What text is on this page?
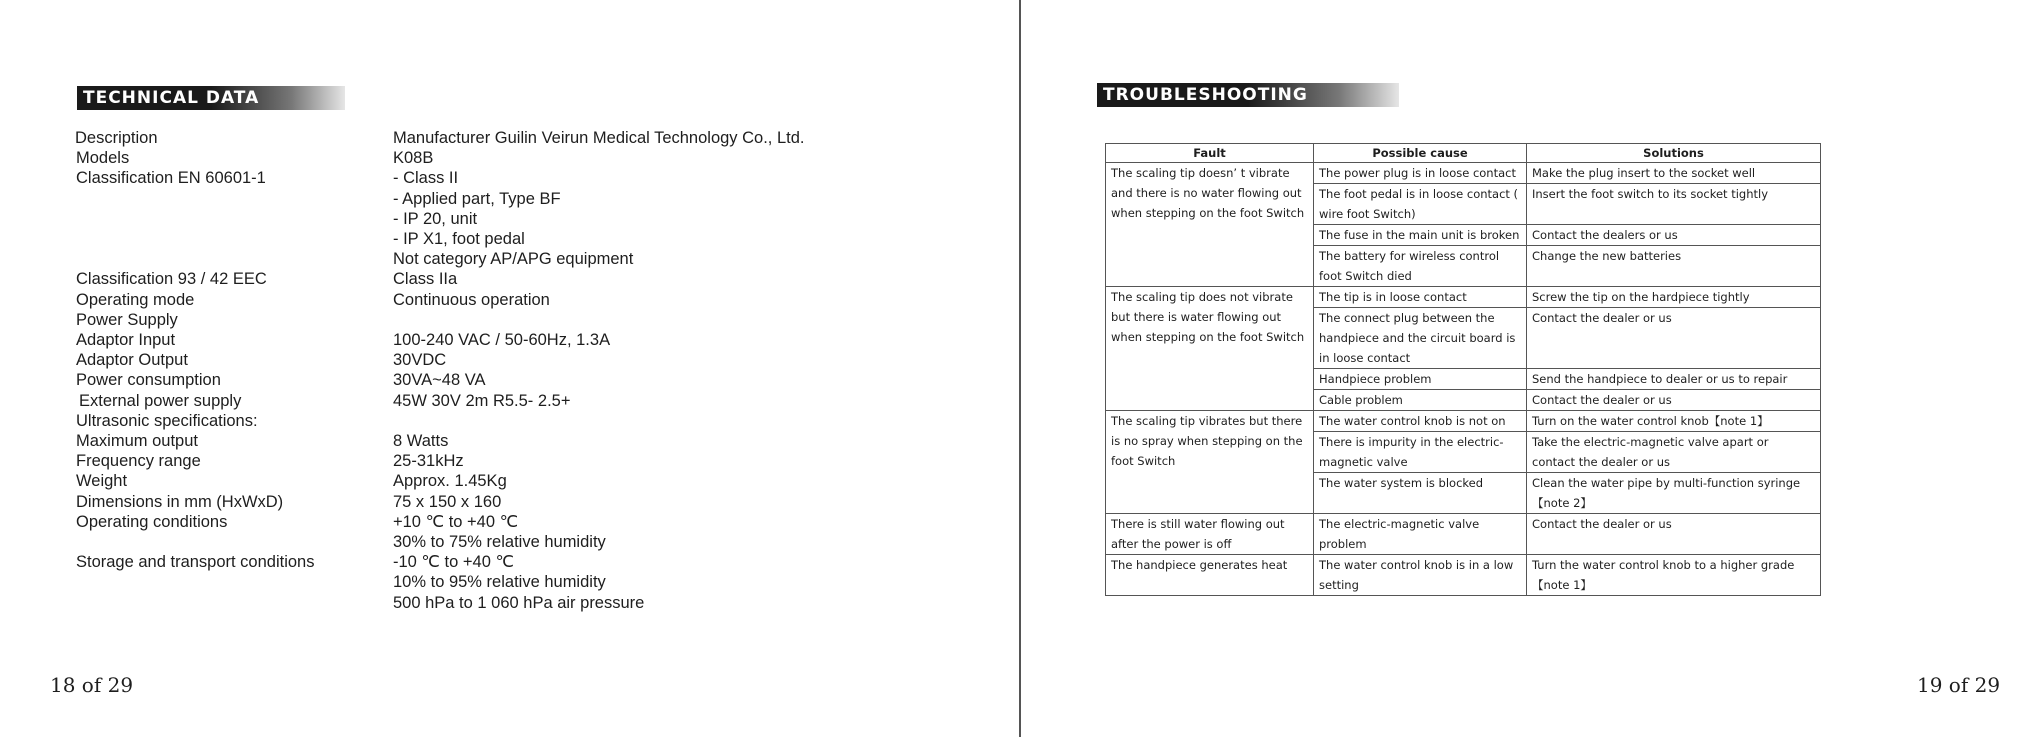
TECHNICAL DATA
Description	Manufacturer Guilin Veirun Medical Technology Co., Ltd.
Models	K08B
Classification EN 60601-1	- Class II
- Applied part, Type BF
- IP 20, unit
- IP X1, foot pedal
Not category AP/APG equipment
Classification 93 / 42 EEC	Class IIa
Operating mode	Continuous operation
Power Supply
Adaptor Input	100-240 VAC / 50-60Hz, 1.3A
Adaptor Output	30VDC
Power consumption	30VA~48 VA
External power supply	45W 30V 2m R5.5- 2.5+
Ultrasonic specifications:
Maximum output	8 Watts
Frequency range	25-31kHz
Weight	Approx. 1.45Kg
Dimensions in mm (HxWxD)	75 x 150 x 160
Operating conditions	+10 ℃ to +40 ℃
30% to 75% relative humidity
Storage and transport conditions	-10 ℃ to +40 ℃
10% to 95% relative humidity
500 hPa to 1 060 hPa air pressure
18 of 29
TROUBLESHOOTING
Fault	Possible cause	Solutions
The scaling tip doesn’ t vibrate and there is no water flowing out when stepping on the foot Switch	The power plug is in loose contact	Make the plug insert to the socket well
	The foot pedal is in loose contact ( wire foot Switch)	Insert the foot switch to its socket tightly
	The fuse in the main unit is broken	Contact the dealers or us
	The battery for wireless control foot Switch died	Change the new batteries
The scaling tip does not vibrate but there is water flowing out when stepping on the foot Switch	The tip is in loose contact	Screw the tip on the hardpiece tightly
	The connect plug between the handpiece and the circuit board is in loose contact	Contact the dealer or us
	Handpiece problem	Send the handpiece to dealer or us to repair
	Cable problem	Contact the dealer or us
The scaling tip vibrates but there is no spray when stepping on the foot Switch	The water control knob is not on	Turn on the water control knob【note 1】
	There is impurity in the electric-magnetic valve	Take the electric-magnetic valve apart or contact the dealer or us
	The water system is blocked	Clean the water pipe by multi-function syringe 【note 2】
There is still water flowing out after the power is off	The electric-magnetic valve problem	Contact the dealer or us
The handpiece generates heat	The water control knob is in a low setting	Turn the water control knob to a higher grade 【note 1】
19 of 29
